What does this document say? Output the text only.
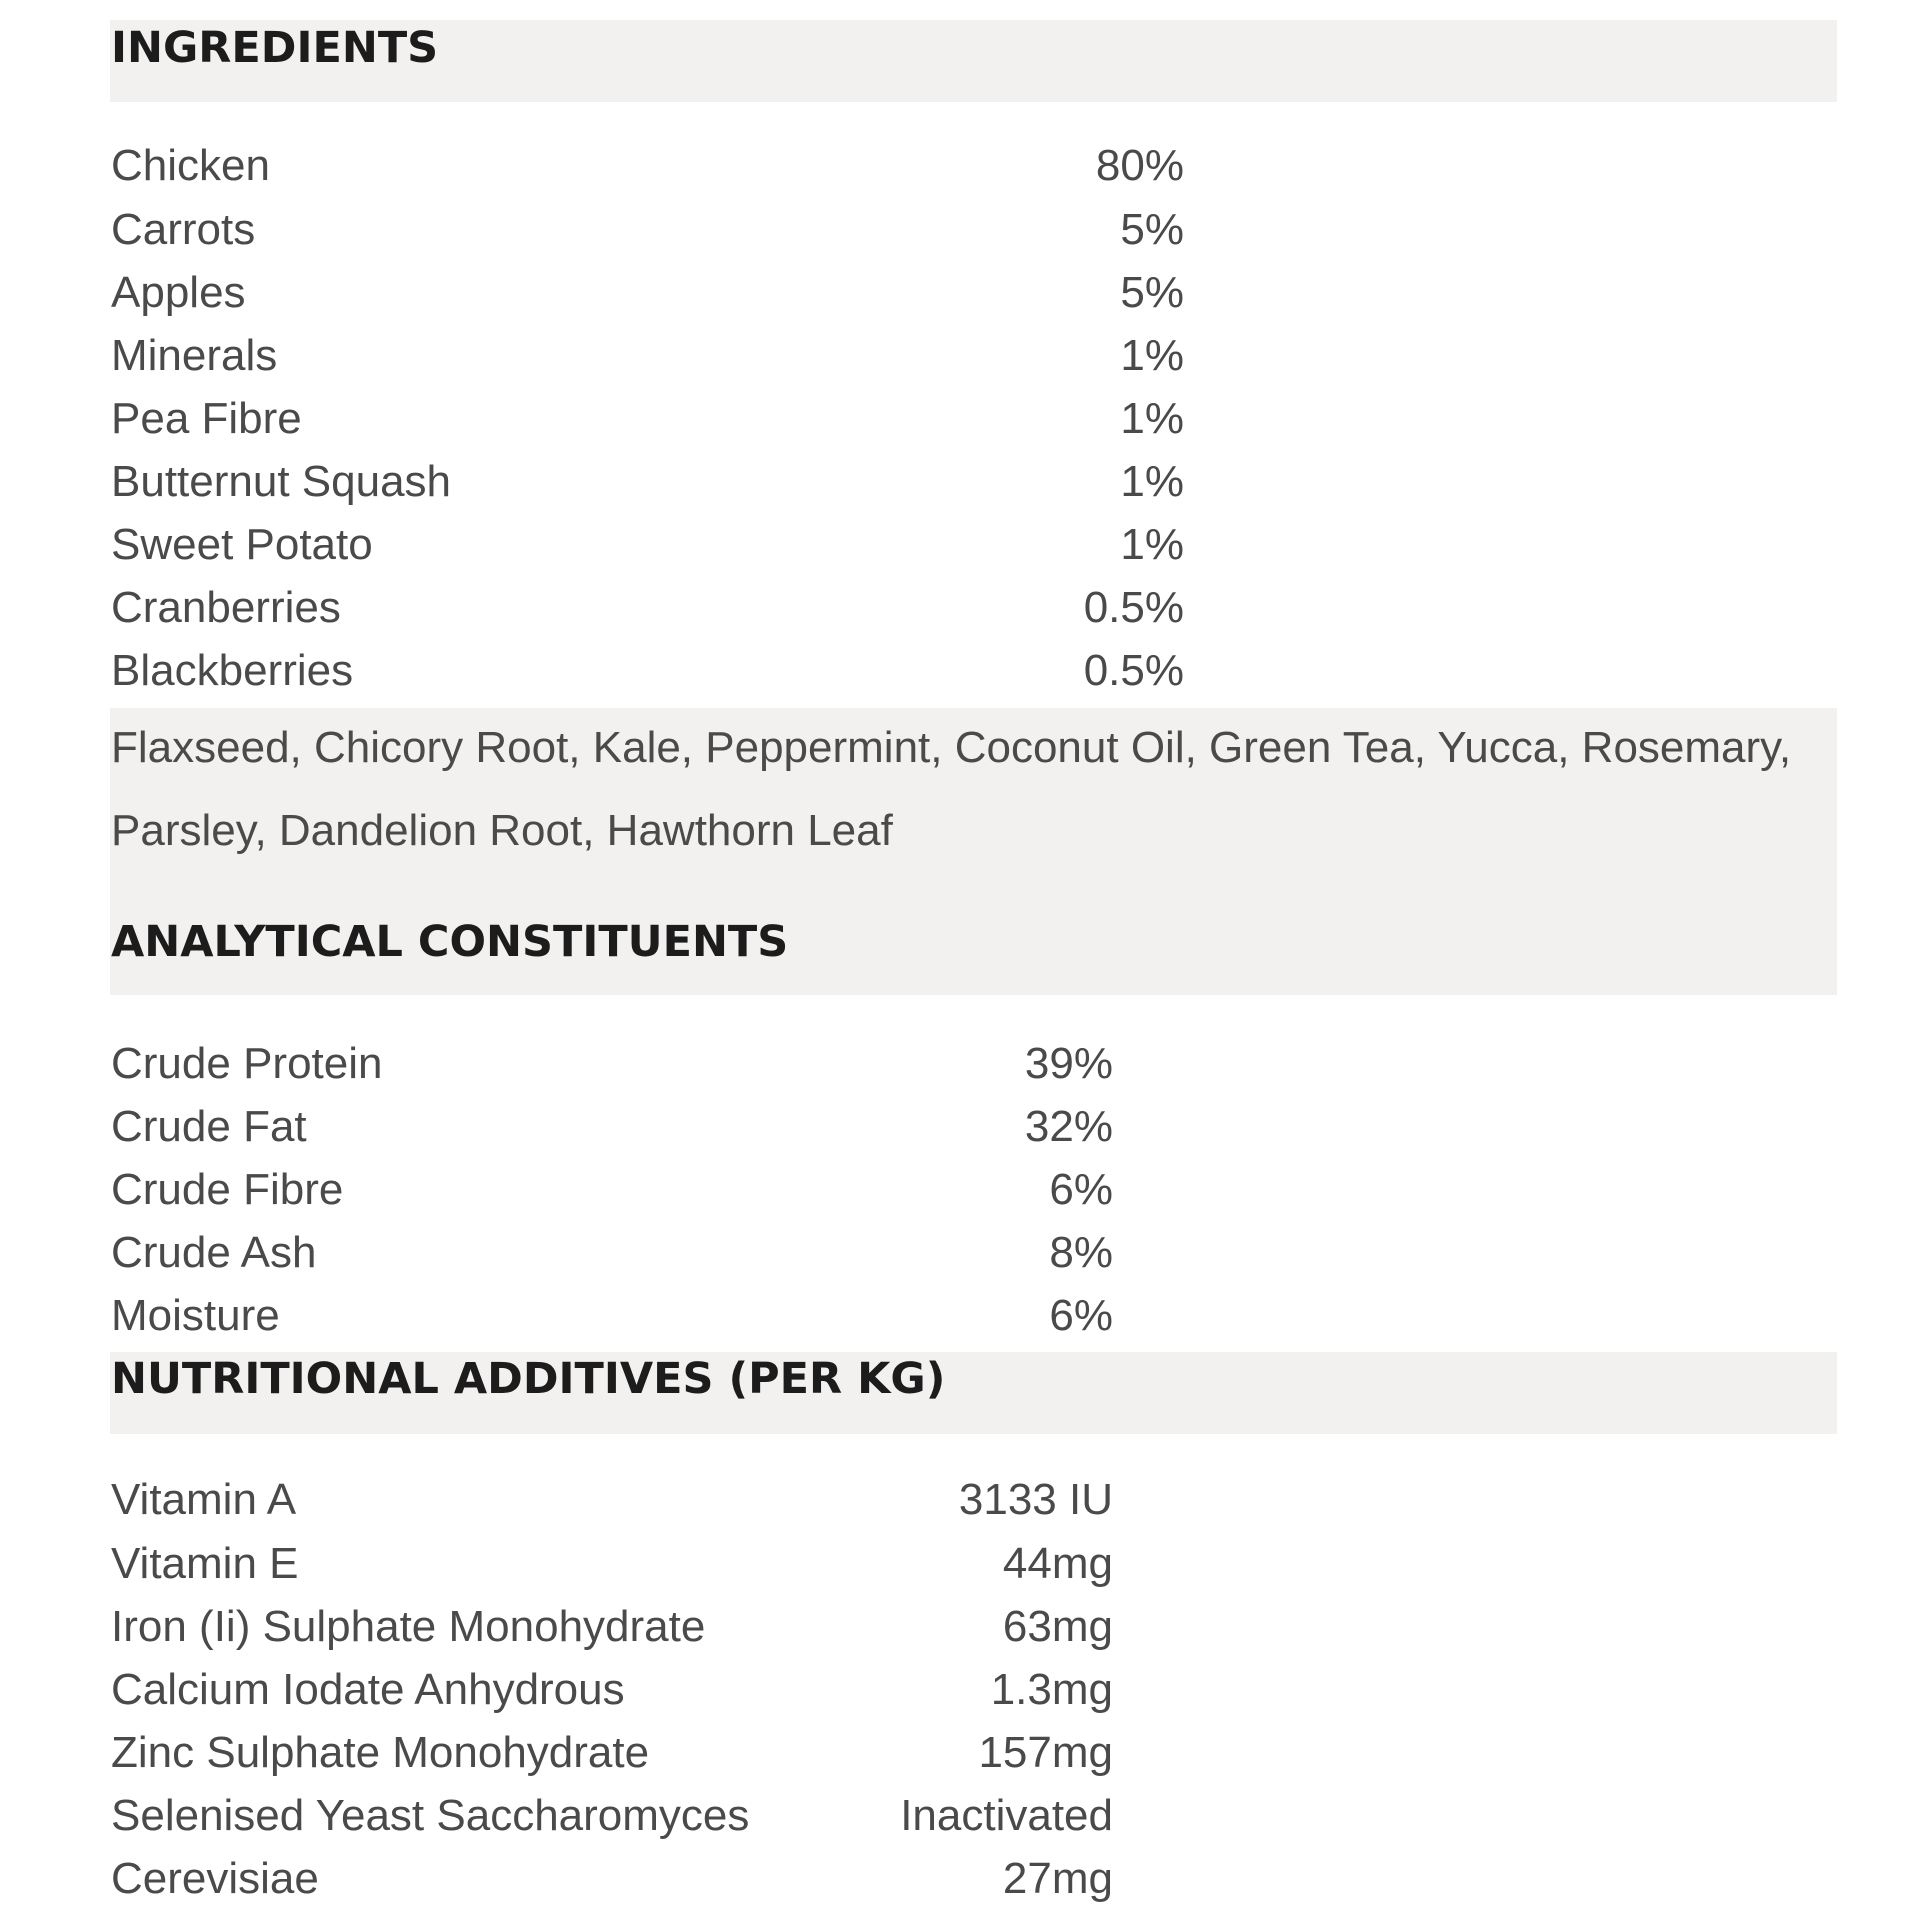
INGREDIENTS
Chicken	80%
Carrots	5%
Apples	5%
Minerals	1%
Pea Fibre	1%
Butternut Squash	1%
Sweet Potato	1%
Cranberries	0.5%
Blackberries	0.5%
Flaxseed, Chicory Root, Kale, Peppermint, Coconut Oil, Green Tea, Yucca, Rosemary, Parsley, Dandelion Root, Hawthorn Leaf
ANALYTICAL CONSTITUENTS
Crude Protein	39%
Crude Fat	32%
Crude Fibre	6%
Crude Ash	8%
Moisture	6%
NUTRITIONAL ADDITIVES (PER KG)
Vitamin A	3133 IU
Vitamin E	44mg
Iron (Ii) Sulphate Monohydrate	63mg
Calcium Iodate Anhydrous	1.3mg
Zinc Sulphate Monohydrate	157mg
Selenised Yeast Saccharomyces	Inactivated
Cerevisiae	27mg
